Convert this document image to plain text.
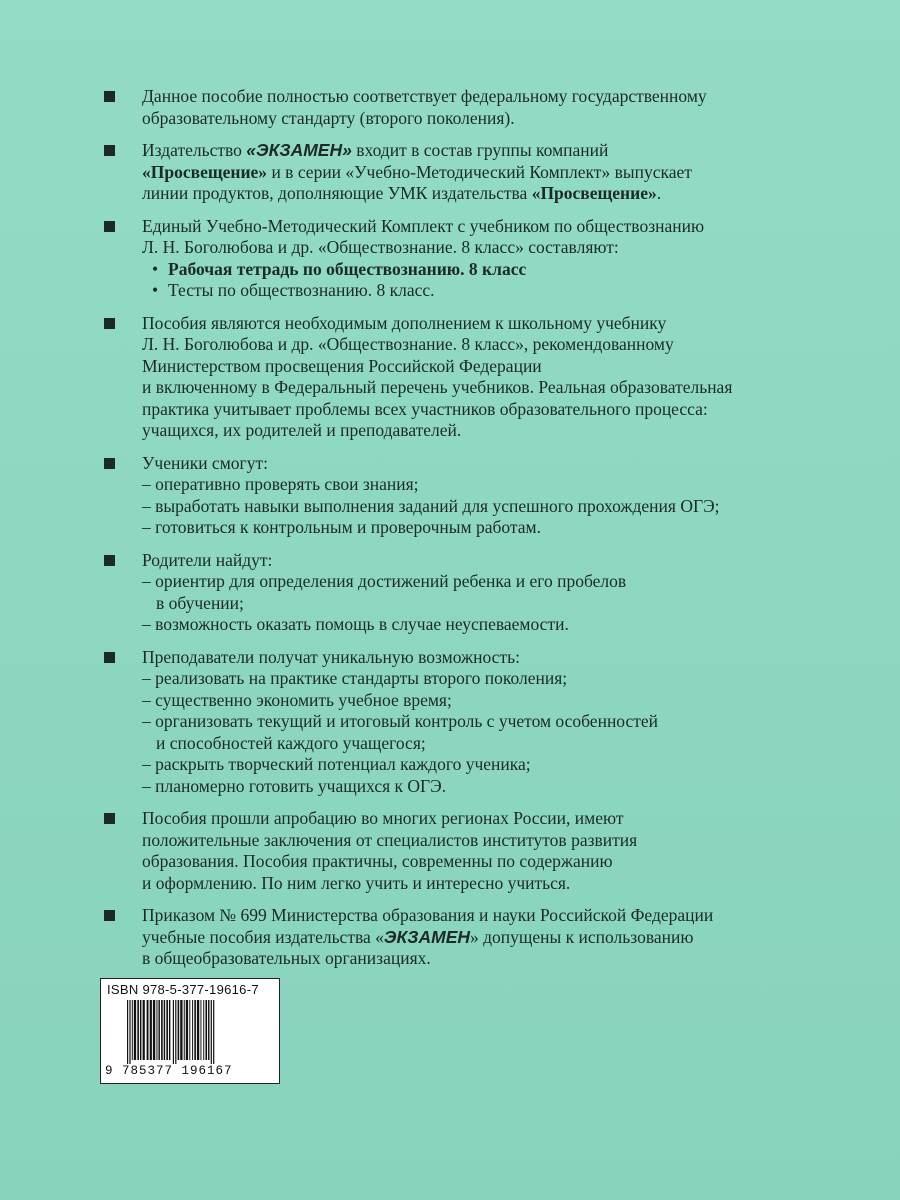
Данное пособие полностью соответствует федеральному государственному

образовательному стандарту (второго поколения).

Издательство «ЭКЗАМЕН» входит в состав группы компаний

«Просвещение» и в серии «Учебно-Методический Комплект» выпускает

линии продуктов, дополняющие УМК издательства «Просвещение».

Единый Учебно-Методический Комплект с учебником по обществознанию

Л. Н. Боголюбова и др. «Обществознание. 8 класс» составляют:

• Рабочая тетрадь по обществознанию. 8 класс

• Тесты по обществознанию. 8 класс.

Пособия являются необходимым дополнением к школьному учебнику

Л. Н. Боголюбова и др. «Обществознание. 8 класс», рекомендованному

Министерством просвещения Российской Федерации

и включенному в Федеральный перечень учебников. Реальная образовательная

практика учитывает проблемы всех участников образовательного процесса:

учащихся, их родителей и преподавателей.

Ученики смогут:

– оперативно проверять свои знания;

– выработать навыки выполнения заданий для успешного прохождения ОГЭ;

– готовиться к контрольным и проверочным работам.

Родители найдут:

– ориентир для определения достижений ребенка и его пробелов

в обучении;

– возможность оказать помощь в случае неуспеваемости.

Преподаватели получат уникальную возможность:

– реализовать на практике стандарты второго поколения;

– существенно экономить учебное время;

– организовать текущий и итоговый контроль с учетом особенностей

и способностей каждого учащегося;

– раскрыть творческий потенциал каждого ученика;

– планомерно готовить учащихся к ОГЭ.

Пособия прошли апробацию во многих регионах России, имеют

положительные заключения от специалистов институтов развития

образования. Пособия практичны, современны по содержанию

и оформлению. По ним легко учить и интересно учиться.

Приказом № 699 Министерства образования и науки Российской Федерации

учебные пособия издательства «ЭКЗАМЕН» допущены к использованию

в общеобразовательных организациях.

ISBN 978-5-377-19616-7
9 785377 196167
